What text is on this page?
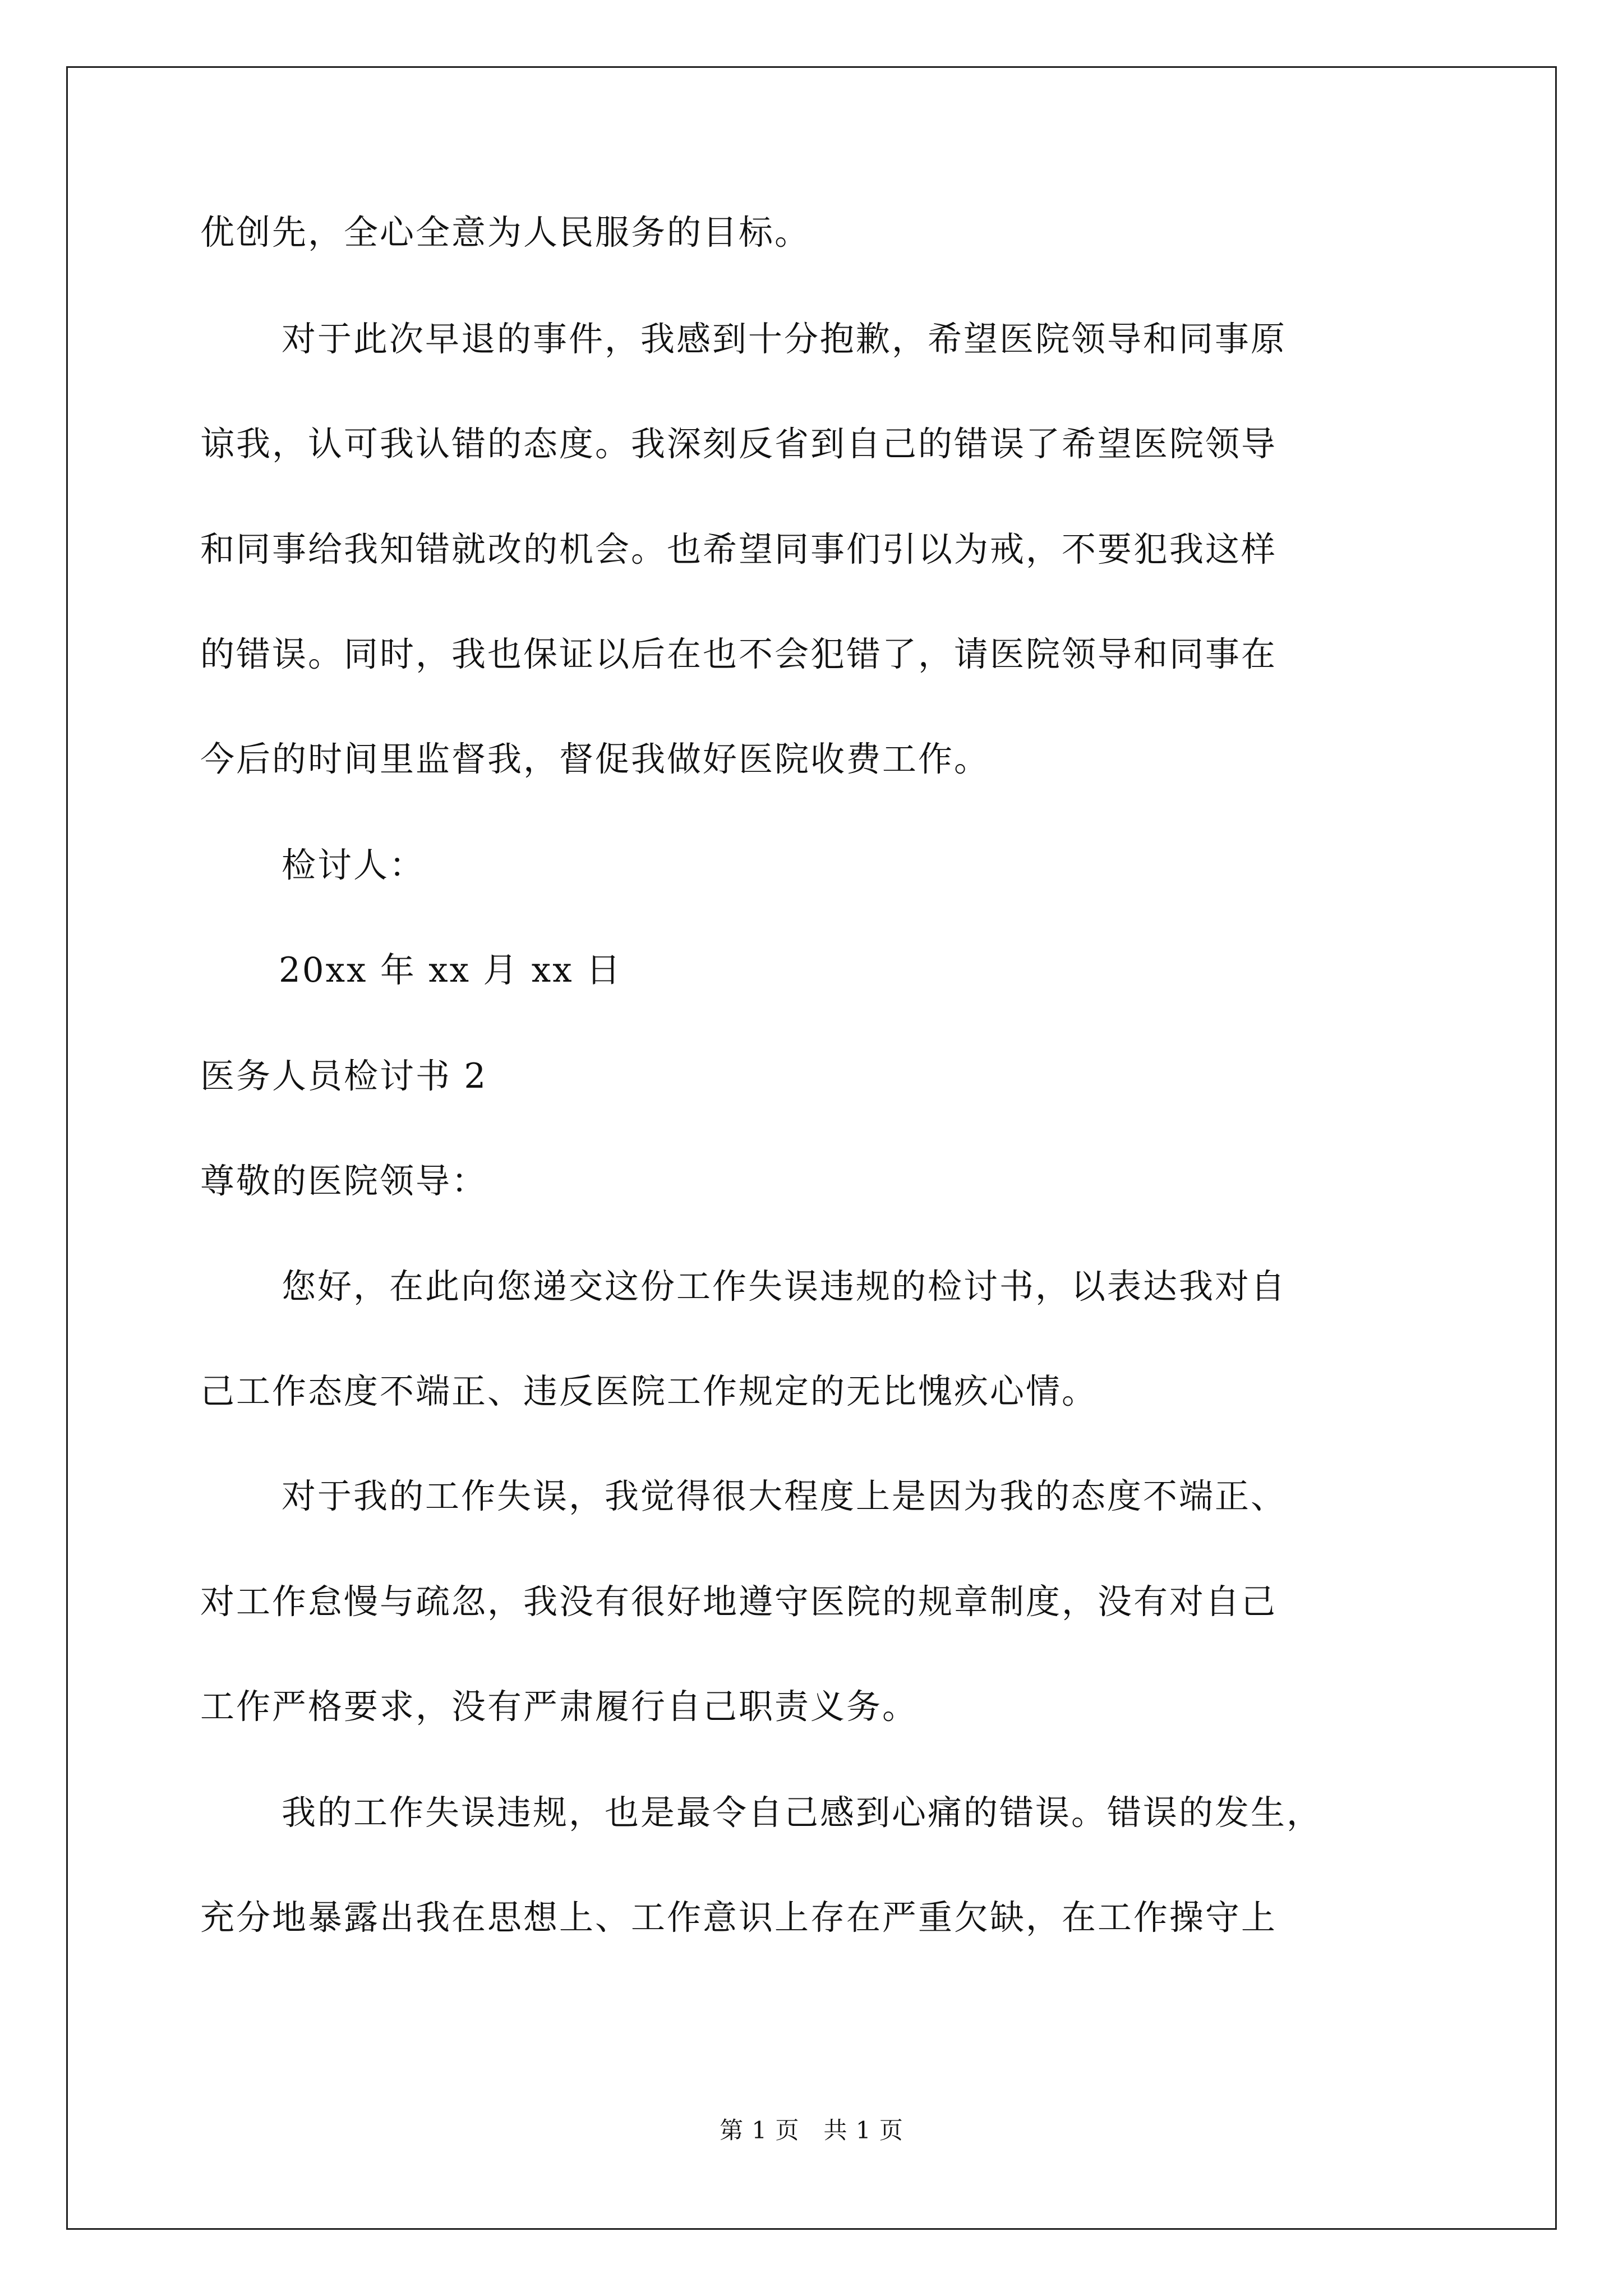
优创先，全心全意为人民服务的目标。
对于此次早退的事件，我感到十分抱歉，希望医院领导和同事原
谅我，认可我认错的态度。我深刻反省到自己的错误了希望医院领导
和同事给我知错就改的机会。也希望同事们引以为戒，不要犯我这样
的错误。同时，我也保证以后在也不会犯错了，请医院领导和同事在
今后的时间里监督我，督促我做好医院收费工作。
检讨人：
20xx 年 xx 月 xx 日
医务人员检讨书 2
尊敬的医院领导：
您好，在此向您递交这份工作失误违规的检讨书，以表达我对自
己工作态度不端正、违反医院工作规定的无比愧疚心情。
对于我的工作失误，我觉得很大程度上是因为我的态度不端正、
对工作怠慢与疏忽，我没有很好地遵守医院的规章制度，没有对自己
工作严格要求，没有严肃履行自己职责义务。
我的工作失误违规，也是最令自己感到心痛的错误。错误的发生，
充分地暴露出我在思想上、工作意识上存在严重欠缺，在工作操守上
第 1 页　共 1 页
